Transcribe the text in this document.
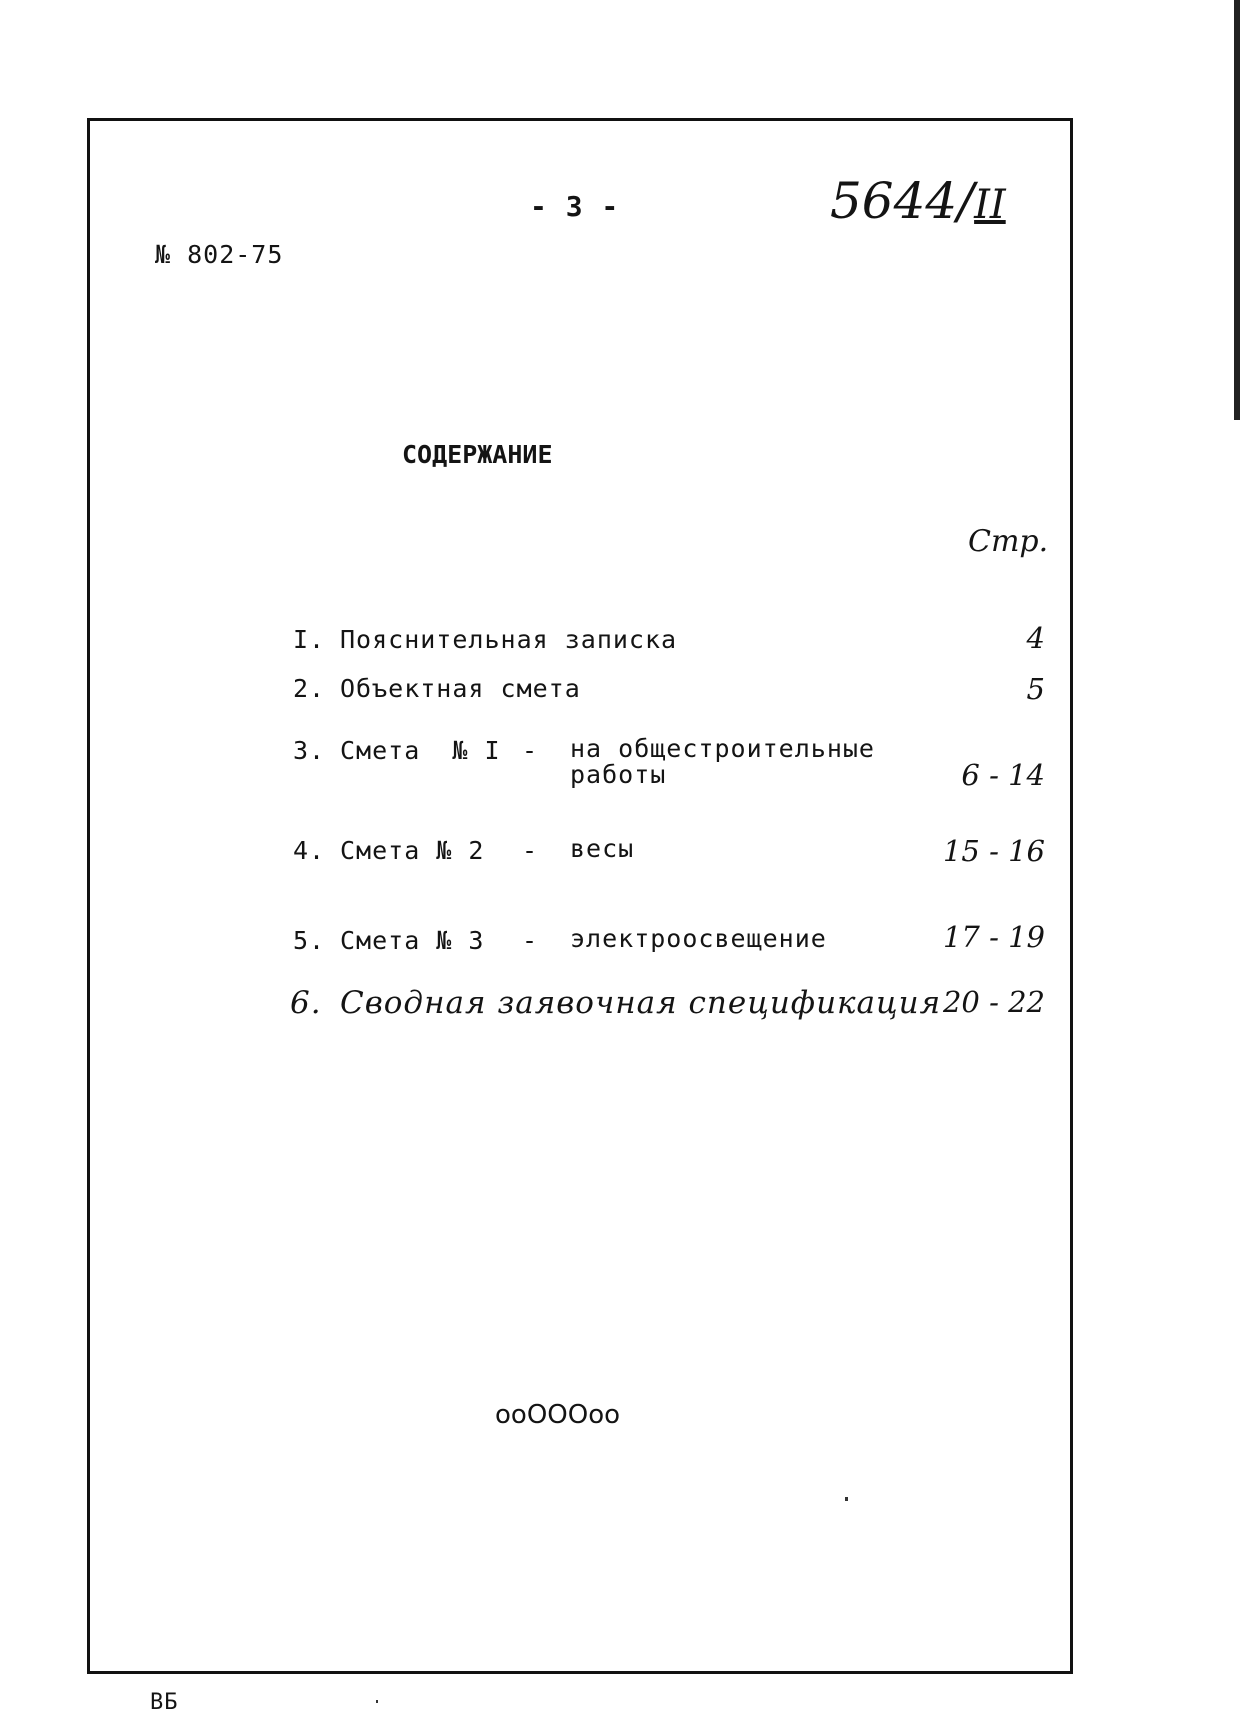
- 3 -	5644/II
№ 802-75
СОДЕРЖАНИЕ
Стр.
I. Пояснительная записка	4
2. Объектная смета	5
3. Смета  № I - на общестроительные
работы	6 - 14
4. Смета № 2 - весы	15 - 16
5. Смета № 3 - электроосвещение	17 - 19
6. Сводная заявочная спецификация 20 - 22
ооОООоо
ВБ
